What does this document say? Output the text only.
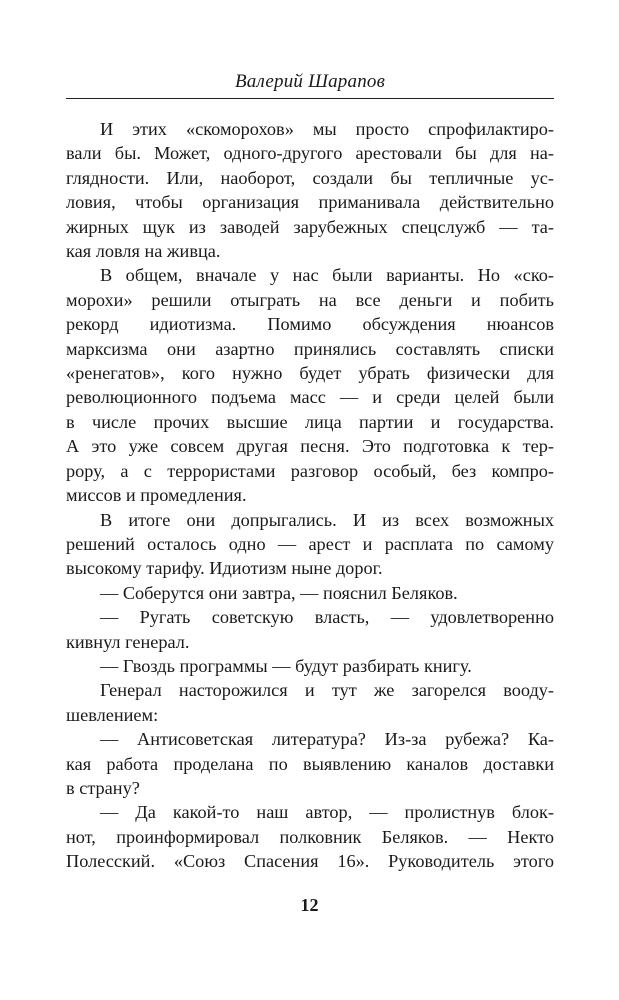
Валерий Шарапов

И этих «скоморохов» мы просто спрофилактиро-

вали бы. Может, одного-другого арестовали бы для на-

глядности. Или, наоборот, создали бы тепличные ус-

ловия, чтобы организация приманивала действительно

жирных щук из заводей зарубежных спецслужб — та-

кая ловля на живца.

В общем, вначале у нас были варианты. Но «ско-

морохи» решили отыграть на все деньги и побить

рекорд идиотизма. Помимо обсуждения нюансов

марксизма они азартно принялись составлять списки

«ренегатов», кого нужно будет убрать физически для

революционного подъема масс — и среди целей были

в числе прочих высшие лица партии и государства.

А это уже совсем другая песня. Это подготовка к тер-

рору, а с террористами разговор особый, без компро-

миссов и промедления.

В итоге они допрыгались. И из всех возможных

решений осталось одно — арест и расплата по самому

высокому тарифу. Идиотизм ныне дорог.

— Соберутся они завтра, — пояснил Беляков.

— Ругать советскую власть, — удовлетворенно

кивнул генерал.

— Гвоздь программы — будут разбирать книгу.

Генерал насторожился и тут же загорелся вооду-

шевлением:

— Антисоветская литература? Из-за рубежа? Ка-

кая работа проделана по выявлению каналов доставки

в страну?

— Да какой-то наш автор, — пролистнув блок-

нот, проинформировал полковник Беляков. — Некто

Полесский. «Союз Спасения 16». Руководитель этого

12
